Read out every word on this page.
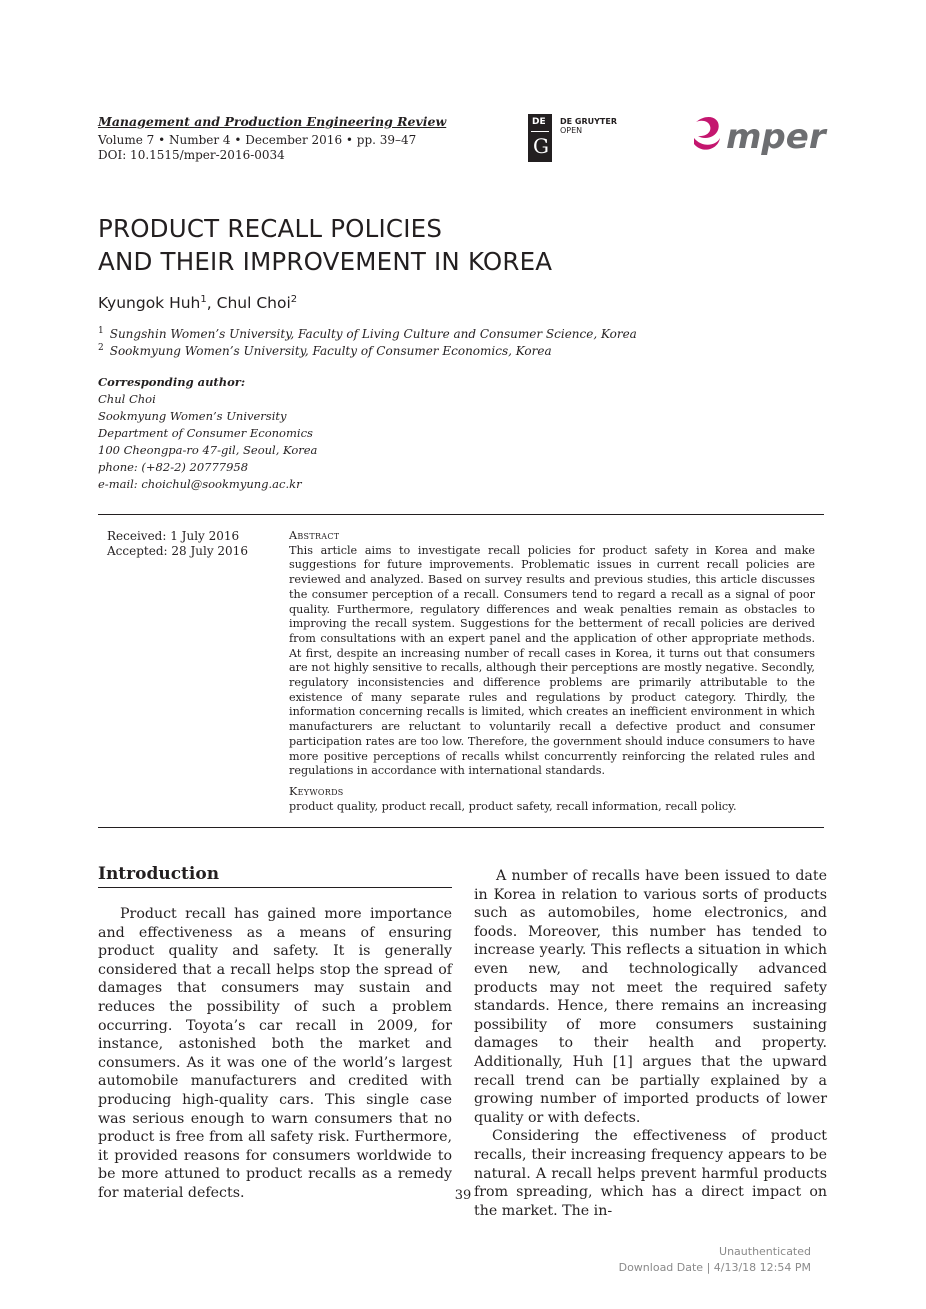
Management and Production Engineering Review
Volume 7 • Number 4 • December 2016 • pp. 39–47
DOI: 10.1515/mper-2016-0034
DE
G
DE GRUYTER
OPEN	mper
PRODUCT RECALL POLICIES
AND THEIR IMPROVEMENT IN KOREA
Kyungok Huh$^1$, Chul Choi$^2$
$^1$ Sungshin Women’s University, Faculty of Living Culture and Consumer Science, Korea
$^2$ Sookmyung Women’s University, Faculty of Consumer Economics, Korea
Corresponding author:
Chul Choi
Sookmyung Women’s University
Department of Consumer Economics
100 Cheongpa-ro 47-gil, Seoul, Korea
phone: (+82-2) 20777958
e-mail: choichul@sookmyung.ac.kr
Received: 1 July 2016
Accepted: 28 July 2016
Abstract

This article aims to investigate recall policies for product safety in Korea and make suggestions for future improvements. Problematic issues in current recall policies are reviewed and analyzed. Based on survey results and previous studies, this article discusses the consumer perception of a recall. Consumers tend to regard a recall as a signal of poor quality. Furthermore, regulatory differences and weak penalties remain as obstacles to improving the recall system. Suggestions for the betterment of recall policies are derived from consultations with an expert panel and the application of other appropriate methods. At first, despite an increasing number of recall cases in Korea, it turns out that consumers are not highly sensitive to recalls, although their perceptions are mostly negative. Secondly, regulatory inconsistencies and difference problems are primarily attributable to the existence of many separate rules and regulations by product category. Thirdly, the information concerning recalls is limited, which creates an inefficient environment in which manufacturers are reluctant to voluntarily recall a defective product and consumer participation rates are too low. Therefore, the government should induce consumers to have more positive perceptions of recalls whilst concurrently reinforcing the related rules and regulations in accordance with international standards.

Keywords
product quality, product recall, product safety, recall information, recall policy.
Introduction

Product recall has gained more importance and effectiveness as a means of ensuring product quality and safety. It is generally considered that a recall helps stop the spread of damages that consumers may sustain and reduces the possibility of such a problem occurring. Toyota’s car recall in 2009, for instance, astonished both the market and consumers. As it was one of the world’s largest automobile manufacturers and credited with producing high-quality cars. This single case was serious enough to warn consumers that no product is free from all safety risk. Furthermore, it provided reasons for consumers worldwide to be more attuned to product recalls as a remedy for material defects.

A number of recalls have been issued to date in Korea in relation to various sorts of products such as automobiles, home electronics, and foods. Moreover, this number has tended to increase yearly. This reflects a situation in which even new, and technologically advanced products may not meet the required safety standards. Hence, there remains an increasing possibility of more consumers sustaining damages to their health and property. Additionally, Huh [1] argues that the upward recall trend can be partially explained by a growing number of imported products of lower quality or with defects.

Considering the effectiveness of product recalls, their increasing frequency appears to be natural. A recall helps prevent harmful products from spreading, which has a direct impact on the market. The in-

39
Unauthenticated
Download Date | 4/13/18 12:54 PM
